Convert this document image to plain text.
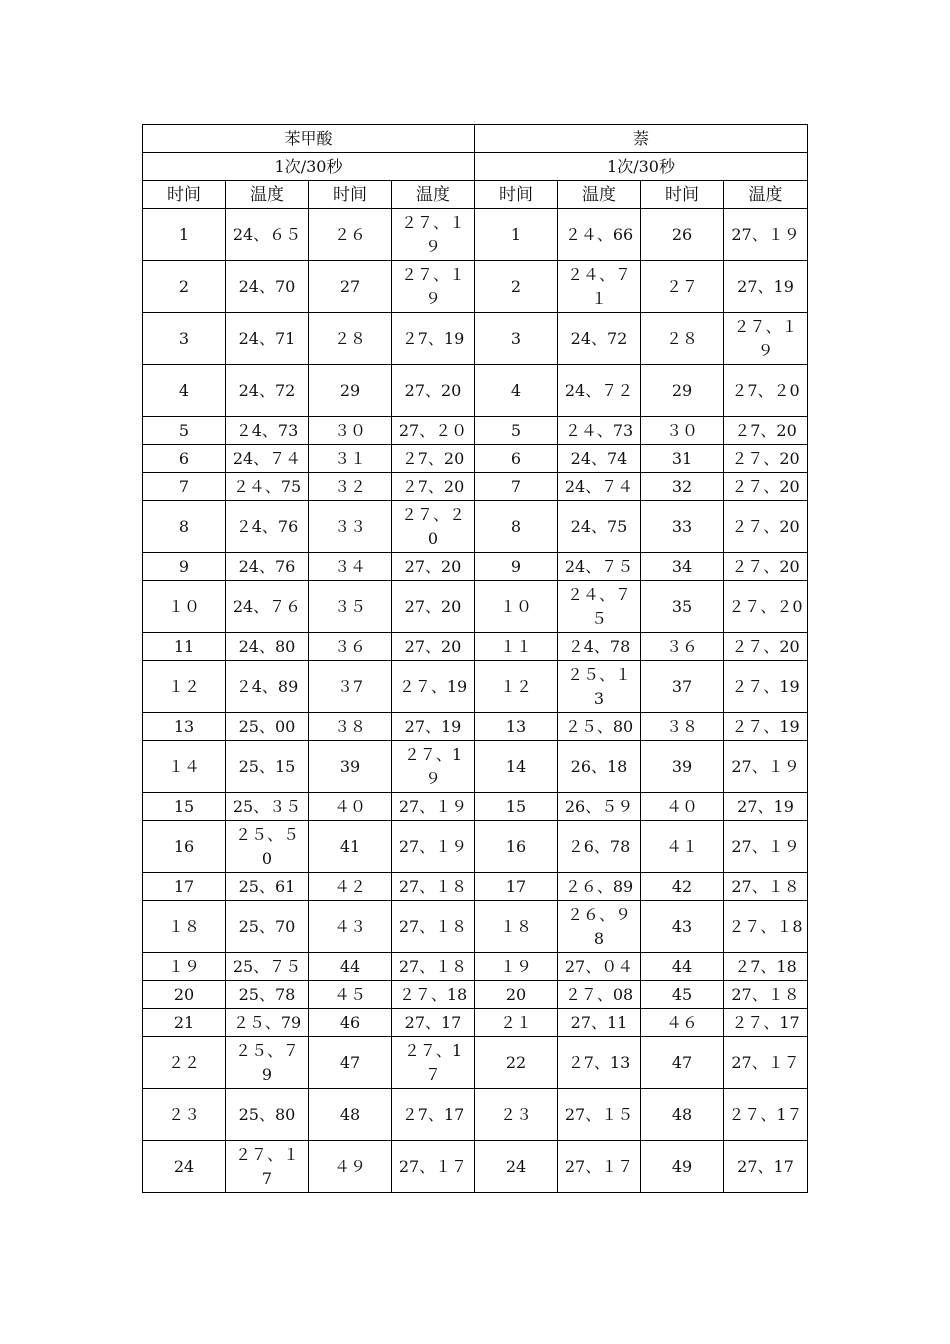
苯甲酸				萘			
1次/30秒				1次/30秒			
时间	温度	时间	温度	时间	温度	时间	温度
1	24、６５	２６	２７、１９	1	２４、66	26	27、１９
2	24、70	27	２７、１９	2	２４、７１	２７	27、19
3	24、71	２８	２7、19	3	24、72	２８	２７、１９
4	24、72	29	27、20	4	24、７２	29	２7、２0
5	２4、73	３０	27、２０	5	２４、73	３０	２7、20
6	24、７４	３１	２7、20	6	24、74	31	２７、20
7	２４、75	３２	２7、20	7	24、７４	32	２７、20
8	２4、76	３３	２７、２0	8	24、75	33	２７、20
9	24、76	３４	27、20	9	24、７５	34	２７、20
１０	24、７６	３５	27、20	１０	２４、７５	35	２７、２0
11	24、80	３６	27、20	１１	２4、78	３６	２７、20
１２	２4、89	３7	２７、19	１２	２５、１3	37	２７、19
13	25、00	３８	27、19	13	２５、80	３８	２７、19
１４	25、15	39	２７、1９	14	26、18	39	27、１９
15	25、３５	４０	27、１９	15	26、５９	４０	27、19
16	２５、５0	41	27、１９	16	２6、78	４１	27、１９
17	25、61	４２	27、１８	17	２６、89	42	27、１８
１８	25、70	４３	27、１８	１８	２６、９8	43	２７、１8
１９	25、７５	44	27、１８	１９	27、０４	44	２7、18
20	25、78	４５	２７、18	20	２７、08	45	27、１８
21	２５、79	46	27、17	２１	27、11	４６	２７、17
２２	２５、７9	47	２７、1７	22	２7、13	47	27、１７
２３	25、80	48	２7、17	２３	27、１５	48	２７、1７
24	２７、１7	４９	27、１７	24	27、１７	49	27、17
